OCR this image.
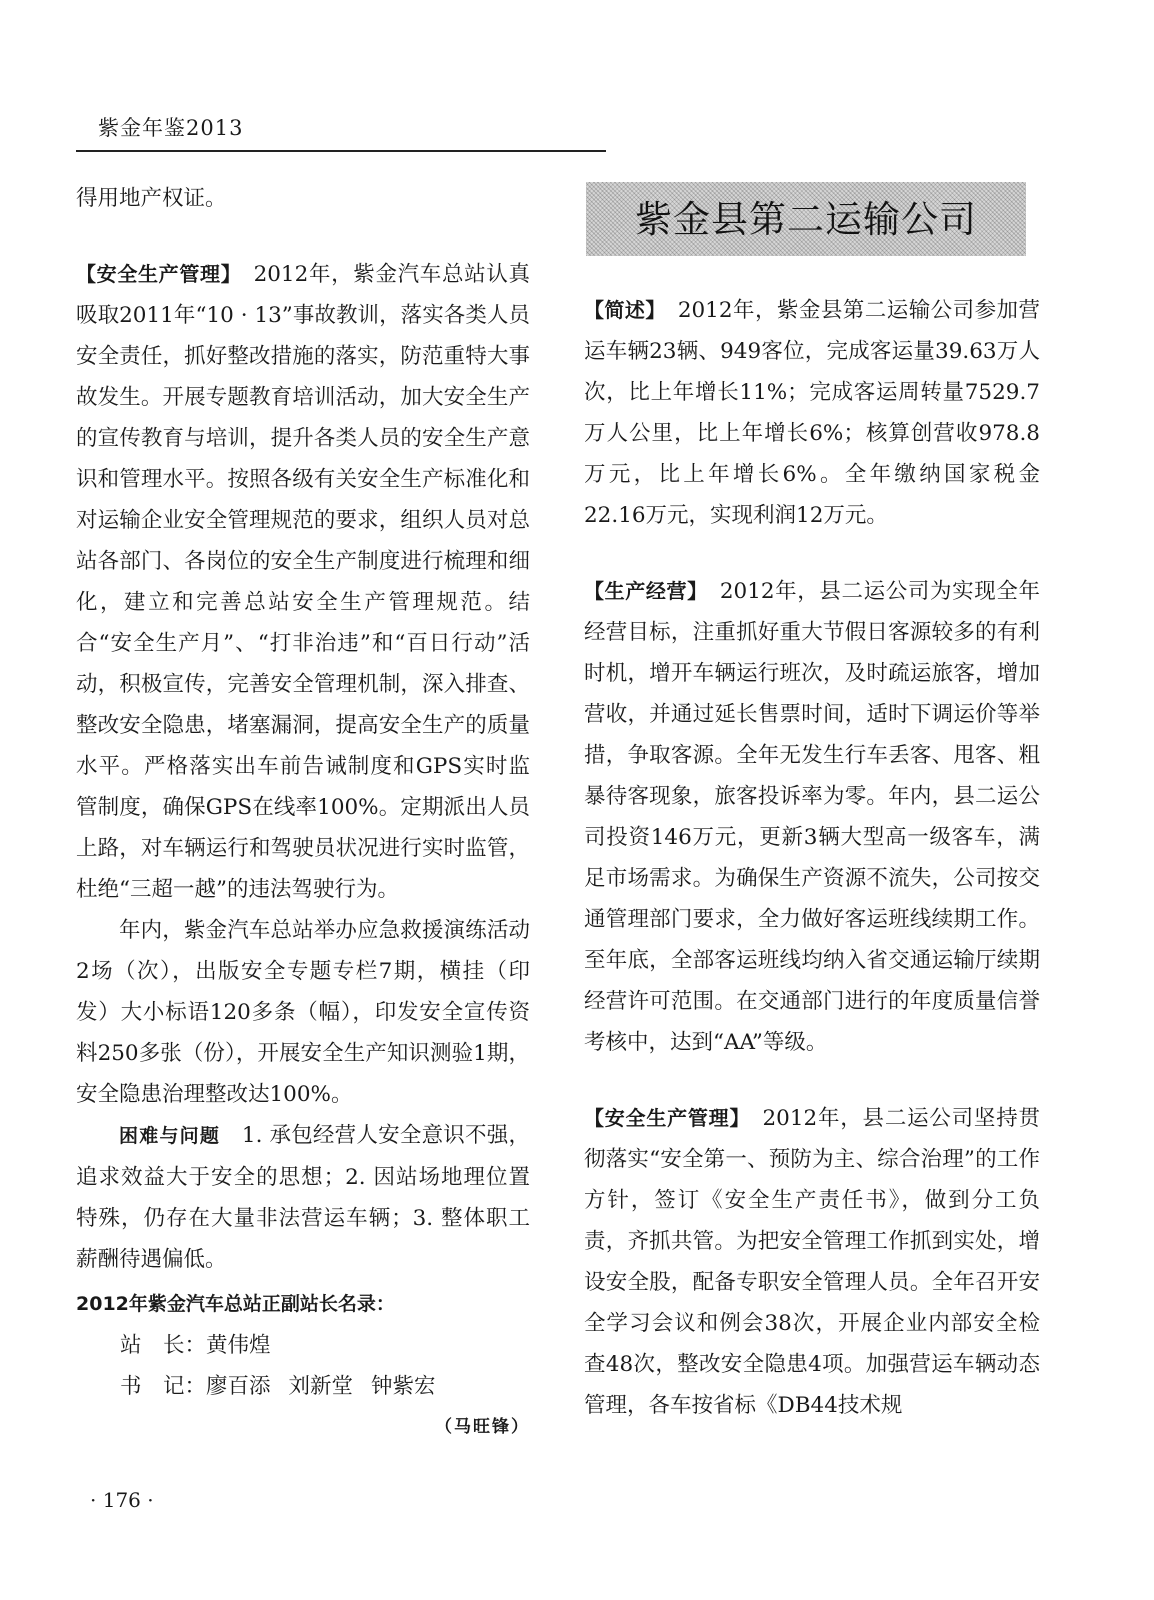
紫金年鉴2013

得用地产权证。

【安全生产管理】　 2012年，紫金汽车总站认真吸取2011年“10 · 13”事故教训，落实各类人员安全责任，抓好整改措施的落实，防范重特大事故发生。开展专题教育培训活动，加大安全生产的宣传教育与培训，提升各类人员的安全生产意识和管理水平。按照各级有关安全生产标准化和对运输企业安全管理规范的要求，组织人员对总站各部门、各岗位的安全生产制度进行梳理和细化，建立和完善总站安全生产管理规范。结合“安全生产月”、“打非治违”和“百日行动”活动，积极宣传，完善安全管理机制，深入排查、整改安全隐患，堵塞漏洞，提高安全生产的质量水平。严格落实出车前告诫制度和GPS实时监管制度，确保GPS在线率100%。定期派出人员上路，对车辆运行和驾驶员状况进行实时监管，杜绝“三超一越”的违法驾驶行为。

年内，紫金汽车总站举办应急救援演练活动2场（次），出版安全专题专栏7期，横挂（印发）大小标语120多条（幅），印发安全宣传资料250多张（份），开展安全生产知识测验1期，安全隐患治理整改达100%。

困难与问题　 1. 承包经营人安全意识不强，追求效益大于安全的思想；2. 因站场地理位置特殊，仍存在大量非法营运车辆；3. 整体职工薪酬待遇偏低。

2012年紫金汽车总站正副站长名录：

站　长：黄伟煌

书　记：廖百添 刘新堂 钟紫宏

（马旺锋）

紫金县第二运输公司

【简述】　 2012年，紫金县第二运输公司参加营运车辆23辆、949客位，完成客运量39.63万人次，比上年增长11%；完成客运周转量7529.7万人公里，比上年增长6%；核算创营收978.8万元，比上年增长6%。全年缴纳国家税金22.16万元，实现利润12万元。

【生产经营】　 2012年，县二运公司为实现全年经营目标，注重抓好重大节假日客源较多的有利时机，增开车辆运行班次，及时疏运旅客，增加营收，并通过延长售票时间，适时下调运价等举措，争取客源。全年无发生行车丢客、甩客、粗暴待客现象，旅客投诉率为零。年内，县二运公司投资146万元，更新3辆大型高一级客车，满足市场需求。为确保生产资源不流失，公司按交通管理部门要求，全力做好客运班线续期工作。至年底，全部客运班线均纳入省交通运输厅续期经营许可范围。在交通部门进行的年度质量信誉考核中，达到“AA”等级。

【安全生产管理】　 2012年，县二运公司坚持贯彻落实“安全第一、预防为主、综合治理”的工作方针，签订《安全生产责任书》，做到分工负责，齐抓共管。为把安全管理工作抓到实处，增设安全股，配备专职安全管理人员。全年召开安全学习会议和例会38次，开展企业内部安全检查48次，整改安全隐患4项。加强营运车辆动态管理，各车按省标《DB44技术规

· 176 ·
